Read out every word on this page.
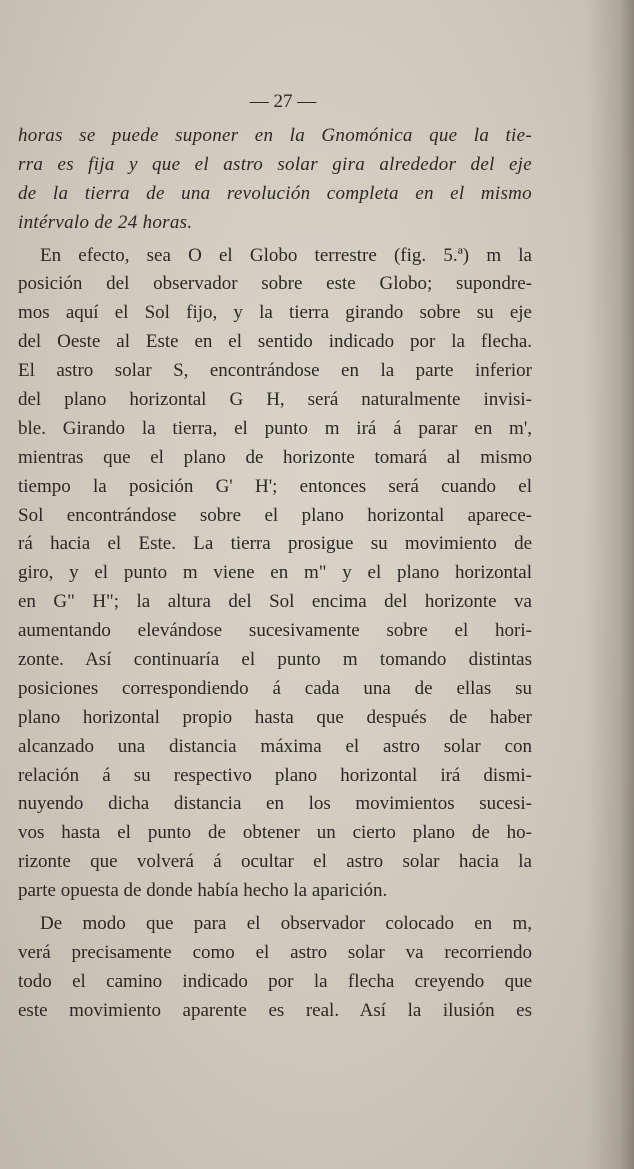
— 27 —
horas se puede suponer en la Gnomónica que la tie-
rra es fija y que el astro solar gira alrededor del eje
de la tierra de una revolución completa en el mismo
intérvalo de 24 horas.
En efecto, sea O el Globo terrestre (fig. 5.ª) m la
posición del observador sobre este Globo; supondre-
mos aquí el Sol fijo, y la tierra girando sobre su eje
del Oeste al Este en el sentido indicado por la flecha.
El astro solar S, encontrándose en la parte inferior
del plano horizontal G H, será naturalmente invisi-
ble. Girando la tierra, el punto m irá á parar en m',
mientras que el plano de horizonte tomará al mismo
tiempo la posición G' H'; entonces será cuando el
Sol encontrándose sobre el plano horizontal aparece-
rá hacia el Este. La tierra prosigue su movimiento de
giro, y el punto m viene en m" y el plano horizontal
en G" H"; la altura del Sol encima del horizonte va
aumentando elevándose sucesivamente sobre el hori-
zonte. Así continuaría el punto m tomando distintas
posiciones correspondiendo á cada una de ellas su
plano horizontal propio hasta que después de haber
alcanzado una distancia máxima el astro solar con
relación á su respectivo plano horizontal irá dismi-
nuyendo dicha distancia en los movimientos sucesi-
vos hasta el punto de obtener un cierto plano de ho-
rizonte que volverá á ocultar el astro solar hacia la
parte opuesta de donde había hecho la aparición.
De modo que para el observador colocado en m,
verá precisamente como el astro solar va recorriendo
todo el camino indicado por la flecha creyendo que
este movimiento aparente es real. Así la ilusión es
